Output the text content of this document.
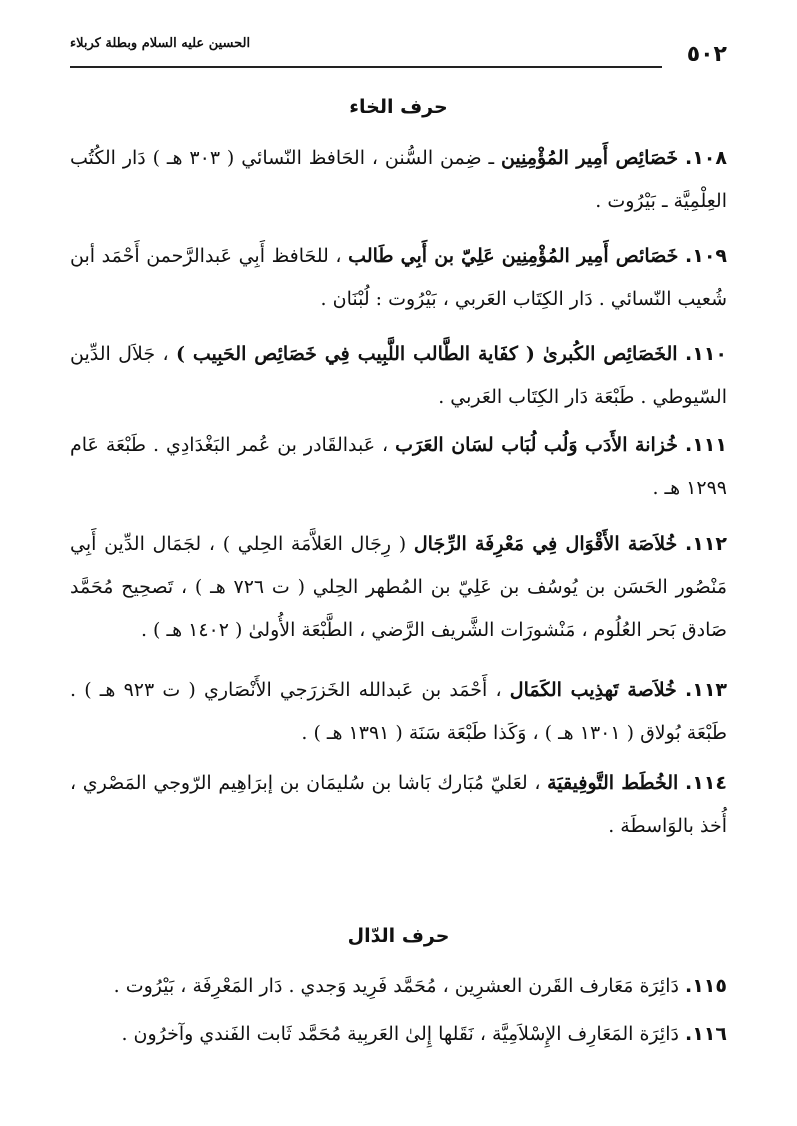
٥٠٢
الحسين عليه السلام وبطلة كربلاء
حرف الخاء
١٠٨. خَصَائِص أَمِير المُؤْمِنِين ـ ضِمن السُّنن ، الحَافظ النّسائي ( ٣٠٣ هـ ) دَار الكُتُب العِلْمِيَّة ـ بَيْرُوت .
١٠٩. خَصَائص أَمِير المُؤْمِنِين عَلِيّ بن أَبِي طَالب ، للحَافظ أَبِي عَبدالرَّحمن أَحْمَد أبن شُعيب النّسائي . دَار الكِتَاب العَربي ، بَيْرُوت : لُبْنَان .
١١٠. الخَصَائِص الكُبرىٰ ( كفَاية الطَّالب اللَّبِيب فِي خَصَائِص الحَبِيب ) ، جَلاَل الدِّين السّيوطي . طَبْعَة دَار الكِتَاب العَربي .
١١١. خُزانة الأَدَب وَلُب لُبَاب لسَان العَرَب ، عَبدالقَادر بن عُمر البَغْدَادِي . طَبْعَة عَام ١٢٩٩ هـ .
١١٢. خُلاَصَة الأَقْوَال فِي مَعْرِفَة الرِّجَال ( رِجَال العَلاَّمَة الحِلي ) ، لجَمَال الدِّين أَبِي مَنْصُور الحَسَن بن يُوسُف بن عَلِيّ بن المُطهر الحِلي ( ت ٧٢٦ هـ ) ، تَصحِيح مُحَمَّد صَادق بَحر العُلُوم ، مَنْشورَات الشَّريف الرَّضي ، الطَّبْعَة الأُولىٰ ( ١٤٠٢ هـ ) .
١١٣. خُلاَصة تَهذِيب الكَمَال ، أَحْمَد بن عَبدالله الخَزرَجي الأَنْصَاري ( ت ٩٢٣ هـ ) . طَبْعَة بُولاق ( ١٣٠١ هـ ) ، وَكَذا طَبْعَة سَنَة ( ١٣٩١ هـ ) .
١١٤. الخُطَط التَّوفِيقيَة ، لعَليّ مُبَارك بَاشا بن سُليمَان بن إبرَاهِيم الرّوجي المَصْري ، أُخذ بالوَاسطَة .
حرف الدّال
١١٥. دَائِرَة مَعَارف القَرن العشرِين ، مُحَمَّد فَرِيد وَجدي . دَار المَعْرِفَة ، بَيْرُوت .
١١٦. دَائِرَة المَعَارِف الإِسْلاَمِيَّة ، نَقَلها إِلىٰ العَربِية مُحَمَّد ثَابت الفَندي وآخرُون .
